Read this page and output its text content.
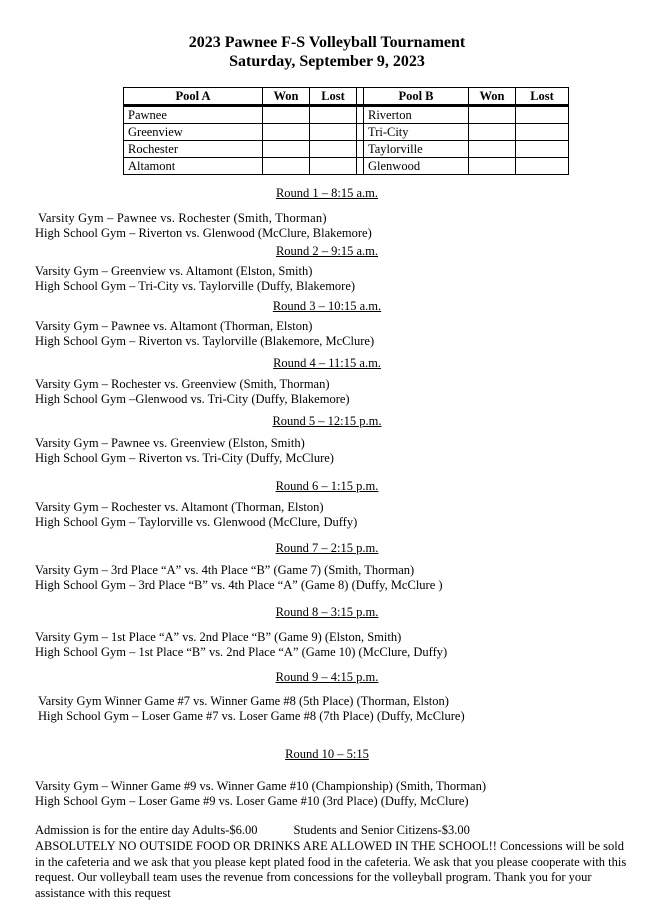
2023 Pawnee F-S Volleyball Tournament
Saturday, September 9, 2023
Pool A	Won	Lost		Pool B	Won	Lost
Pawnee				Riverton		
Greenview				Tri-City		
Rochester				Taylorville		
Altamont				Glenwood		
Round 1 – 8:15 a.m.
Varsity Gym – Pawnee vs. Rochester (Smith, Thorman)
High School Gym – Riverton vs. Glenwood (McClure, Blakemore)
Round 2 – 9:15 a.m.
Varsity Gym – Greenview vs. Altamont (Elston, Smith)
High School Gym – Tri-City vs. Taylorville (Duffy, Blakemore)
Round 3 – 10:15 a.m.
Varsity Gym – Pawnee vs. Altamont (Thorman, Elston)
High School Gym – Riverton vs. Taylorville (Blakemore, McClure)
Round 4 – 11:15 a.m.
Varsity Gym – Rochester vs. Greenview (Smith, Thorman)
High School Gym –Glenwood vs. Tri-City (Duffy, Blakemore)
Round 5 – 12:15 p.m.
Varsity Gym – Pawnee vs. Greenview (Elston, Smith)
High School Gym – Riverton vs. Tri-City (Duffy, McClure)
Round 6 – 1:15 p.m.
Varsity Gym – Rochester vs. Altamont (Thorman, Elston)
High School Gym – Taylorville vs. Glenwood (McClure, Duffy)
Round 7 – 2:15 p.m.
Varsity Gym – 3rd Place “A” vs. 4th Place “B” (Game 7) (Smith, Thorman)
High School Gym – 3rd Place “B” vs. 4th Place “A” (Game 8) (Duffy, McClure )
Round 8 – 3:15 p.m.
Varsity Gym – 1st Place “A” vs. 2nd Place “B” (Game 9) (Elston, Smith)
High School Gym – 1st Place “B” vs. 2nd Place “A” (Game 10) (McClure, Duffy)
Round 9 – 4:15 p.m.
Varsity Gym Winner Game #7 vs. Winner Game #8 (5th Place) (Thorman, Elston)
High School Gym – Loser Game #7 vs. Loser Game #8 (7th Place) (Duffy, McClure)
Round 10 – 5:15
Varsity Gym – Winner Game #9 vs. Winner Game #10 (Championship) (Smith, Thorman)
High School Gym – Loser Game #9 vs. Loser Game #10 (3rd Place) (Duffy, McClure)
Admission is for the entire day Adults-$6.00	Students and Senior Citizens-$3.00
ABSOLUTELY NO OUTSIDE FOOD OR DRINKS ARE ALLOWED IN THE SCHOOL!! Concessions will be sold in the cafeteria and we ask that you please kept plated food in the cafeteria. We ask that you please cooperate with this request. Our volleyball team uses the revenue from concessions for the volleyball program. Thank you for your assistance with this request
